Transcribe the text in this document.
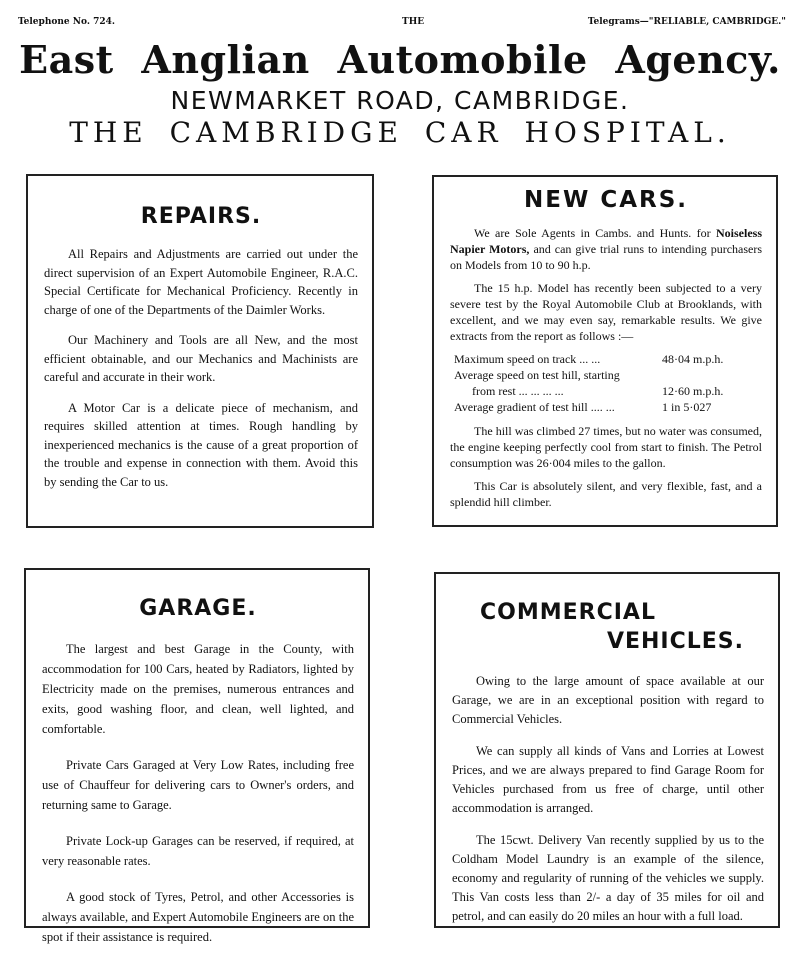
Telephone No. 724.	THE	Telegrams—"RELIABLE, CAMBRIDGE."
East Anglian Automobile Agency.
NEWMARKET ROAD, CAMBRIDGE.
THE CAMBRIDGE CAR HOSPITAL.
REPAIRS.

All Repairs and Adjustments are carried out under the direct supervision of an Expert Automobile Engineer, R.A.C. Special Certificate for Mechanical Proficiency. Recently in charge of one of the Departments of the Daimler Works.

Our Machinery and Tools are all New, and the most efficient obtainable, and our Mechanics and Machinists are careful and accurate in their work.

A Motor Car is a delicate piece of mechanism, and requires skilled attention at times. Rough handling by inexperienced mechanics is the cause of a great proportion of the trouble and expense in connection with them. Avoid this by sending the Car to us.

NEW CARS.

We are Sole Agents in Cambs. and Hunts. for Noiseless Napier Motors, and can give trial runs to intending purchasers on Models from 10 to 90 h.p.

The 15 h.p. Model has recently been subjected to a very severe test by the Royal Automobile Club at Brooklands, with excellent, and we may even say, remarkable results. We give extracts from the report as follows :—

Maximum speed on track ... ...	48·04 m.p.h.
Average speed on test hill, starting
from rest ... ... ... ...	12·60 m.p.h.
Average gradient of test hill .... ...	1 in 5·027

The hill was climbed 27 times, but no water was consumed, the engine keeping perfectly cool from start to finish. The Petrol consumption was 26·004 miles to the gallon.

This Car is absolutely silent, and very flexible, fast, and a splendid hill climber.

GARAGE.

The largest and best Garage in the County, with accommodation for 100 Cars, heated by Radiators, lighted by Electricity made on the premises, numerous entrances and exits, good washing floor, and clean, well lighted, and comfortable.

Private Cars Garaged at Very Low Rates, including free use of Chauffeur for delivering cars to Owner's orders, and returning same to Garage.

Private Lock-up Garages can be reserved, if required, at very reasonable rates.

A good stock of Tyres, Petrol, and other Accessories is always available, and Expert Automobile Engineers are on the spot if their assistance is required.

COMMERCIAL
VEHICLES.

Owing to the large amount of space available at our Garage, we are in an exceptional position with regard to Commercial Vehicles.

We can supply all kinds of Vans and Lorries at Lowest Prices, and we are always prepared to find Garage Room for Vehicles purchased from us free of charge, until other accommodation is arranged.

The 15cwt. Delivery Van recently supplied by us to the Coldham Model Laundry is an example of the silence, economy and regularity of running of the vehicles we supply. This Van costs less than 2/- a day of 35 miles for oil and petrol, and can easily do 20 miles an hour with a full load.
